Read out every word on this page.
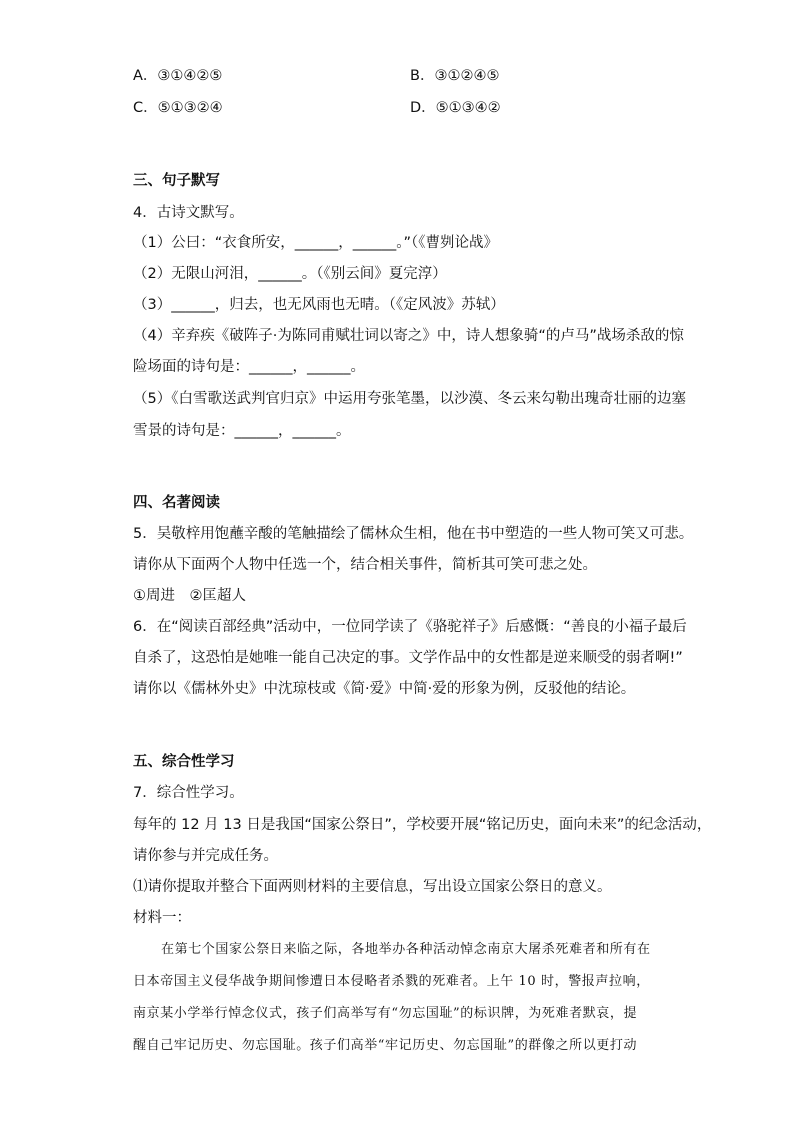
A．③①④②⑤	B．③①②④⑤
C．⑤①③②④	D．⑤①③④②
三、句子默写
4．古诗文默写。
（1）公曰：“衣食所安，______，______。”（《曹刿论战》
（2）无限山河泪，______。（《别云间》夏完淳）
（3）______，归去，也无风雨也无晴。（《定风波》苏轼）
（4）辛弃疾《破阵子·为陈同甫赋壮词以寄之》中，诗人想象骑“的卢马”战场杀敌的惊
险场面的诗句是：______，______。
（5）《白雪歌送武判官归京》中运用夸张笔墨，以沙漠、冬云来勾勒出瑰奇壮丽的边塞
雪景的诗句是：______，______。
四、名著阅读
5．吴敬梓用饱蘸辛酸的笔触描绘了儒林众生相，他在书中塑造的一些人物可笑又可悲。
请你从下面两个人物中任选一个，结合相关事件，简析其可笑可悲之处。
①周进　②匡超人
6．在“阅读百部经典”活动中，一位同学读了《骆驼祥子》后感慨：“善良的小福子最后
自杀了，这恐怕是她唯一能自己决定的事。文学作品中的女性都是逆来顺受的弱者啊!”
请你以《儒林外史》中沈琼枝或《简·爱》中简·爱的形象为例，反驳他的结论。
五、综合性学习
7．综合性学习。
每年的 12 月 13 日是我国“国家公祭日”，学校要开展“铭记历史，面向未来”的纪念活动，
请你参与并完成任务。
⑴请你提取并整合下面两则材料的主要信息，写出设立国家公祭日的意义。
材料一：
在第七个国家公祭日来临之际，各地举办各种活动悼念南京大屠杀死难者和所有在
日本帝国主义侵华战争期间惨遭日本侵略者杀戮的死难者。上午 10 时，警报声拉响，
南京某小学举行悼念仪式，孩子们高举写有“勿忘国耻”的标识牌，为死难者默哀，提
醒自己牢记历史、勿忘国耻。孩子们高举“牢记历史、勿忘国耻”的群像之所以更打动
